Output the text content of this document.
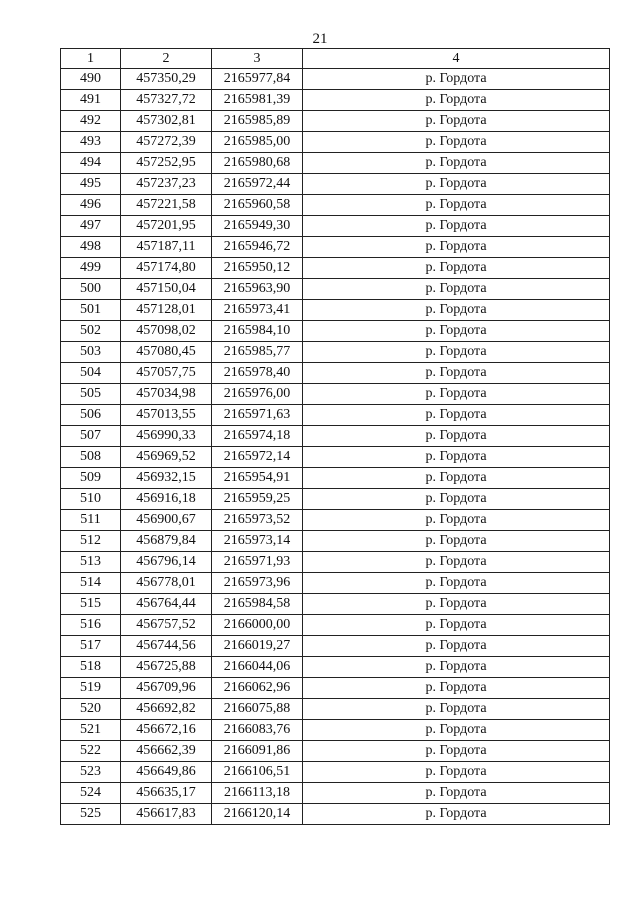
21
1	2	3	4
490	457350,29	2165977,84	р. Гордота
491	457327,72	2165981,39	р. Гордота
492	457302,81	2165985,89	р. Гордота
493	457272,39	2165985,00	р. Гордота
494	457252,95	2165980,68	р. Гордота
495	457237,23	2165972,44	р. Гордота
496	457221,58	2165960,58	р. Гордота
497	457201,95	2165949,30	р. Гордота
498	457187,11	2165946,72	р. Гордота
499	457174,80	2165950,12	р. Гордота
500	457150,04	2165963,90	р. Гордота
501	457128,01	2165973,41	р. Гордота
502	457098,02	2165984,10	р. Гордота
503	457080,45	2165985,77	р. Гордота
504	457057,75	2165978,40	р. Гордота
505	457034,98	2165976,00	р. Гордота
506	457013,55	2165971,63	р. Гордота
507	456990,33	2165974,18	р. Гордота
508	456969,52	2165972,14	р. Гордота
509	456932,15	2165954,91	р. Гордота
510	456916,18	2165959,25	р. Гордота
511	456900,67	2165973,52	р. Гордота
512	456879,84	2165973,14	р. Гордота
513	456796,14	2165971,93	р. Гордота
514	456778,01	2165973,96	р. Гордота
515	456764,44	2165984,58	р. Гордота
516	456757,52	2166000,00	р. Гордота
517	456744,56	2166019,27	р. Гордота
518	456725,88	2166044,06	р. Гордота
519	456709,96	2166062,96	р. Гордота
520	456692,82	2166075,88	р. Гордота
521	456672,16	2166083,76	р. Гордота
522	456662,39	2166091,86	р. Гордота
523	456649,86	2166106,51	р. Гордота
524	456635,17	2166113,18	р. Гордота
525	456617,83	2166120,14	р. Гордота
